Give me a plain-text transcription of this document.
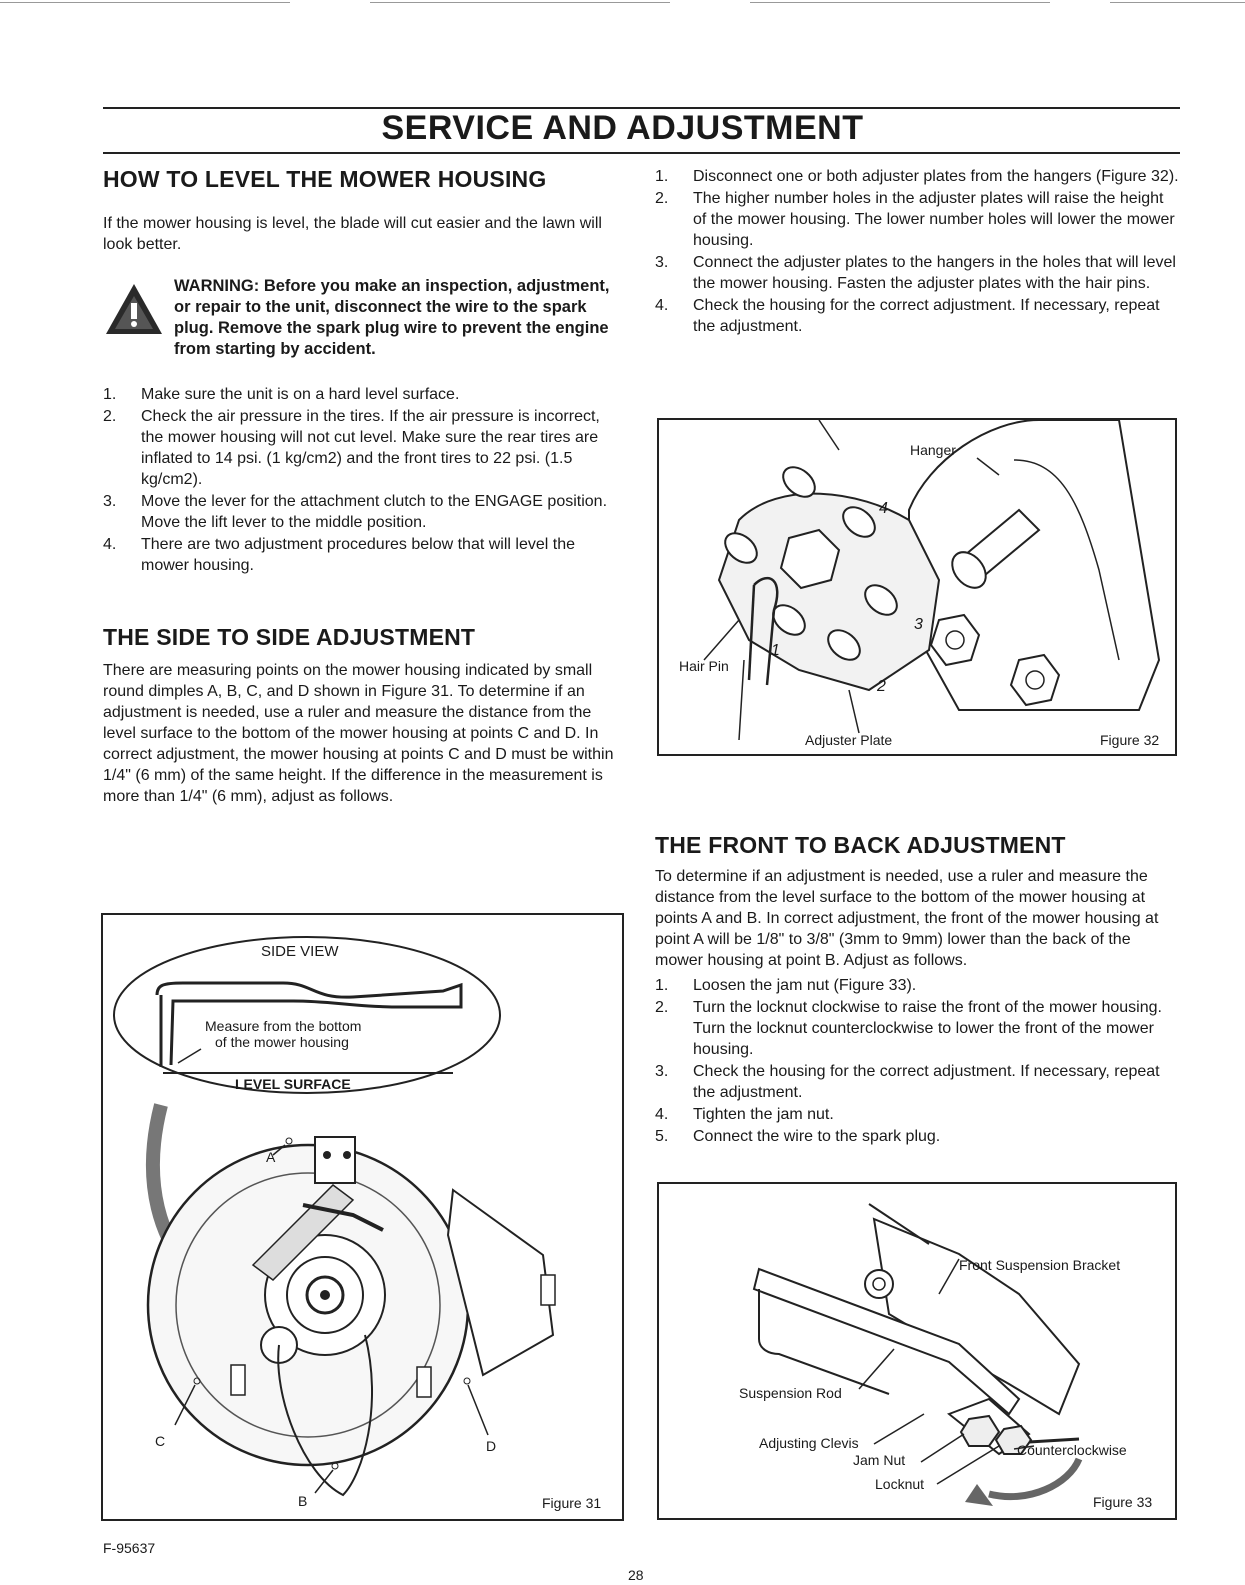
SERVICE AND ADJUSTMENT
HOW TO LEVEL THE MOWER HOUSING

If the mower housing is level, the blade will cut easier and the lawn will look better.

WARNING: Before you make an inspection, adjustment, or repair to the unit, disconnect the wire to the spark plug. Remove the spark plug wire to prevent the engine from starting by accident.

1. Make sure the unit is on a hard level surface.
2. Check the air pressure in the tires. If the air pressure is incorrect, the mower housing will not cut level. Make sure the rear tires are inflated to 14 psi. (1 kg/cm2) and the front tires to 22 psi. (1.5 kg/cm2).
3. Move the lever for the attachment clutch to the ENGAGE position. Move the lift lever to the middle position.
4. There are two adjustment procedures below that will level the mower housing.
THE SIDE TO SIDE ADJUSTMENT

There are measuring points on the mower housing indicated by small round dimples A, B, C, and D shown in Figure 31. To determine if an adjustment is needed, use a ruler and measure the distance from the level surface to the bottom of the mower housing at points C and D. In correct adjustment, the mower housing at points C and D must be within 1/4" (6 mm) of the same height. If the difference in the measurement is more than 1/4" (6 mm), adjust as follows.

SIDE VIEW
Measure from the bottom
of the mower housing
LEVEL SURFACE
A
C	D
B	Figure 31
1. Disconnect one or both adjuster plates from the hangers (Figure 32).
2. The higher number holes in the adjuster plates will raise the height of the mower housing. The lower number holes will lower the mower housing.
3. Connect the adjuster plates to the hangers in the holes that will level the mower housing. Fasten the adjuster plates with the hair pins.
4. Check the housing for the correct adjustment. If necessary, repeat the adjustment.
Hanger
Hair Pin
Adjuster Plate
1
2
3
4
Figure 32
THE FRONT TO BACK ADJUSTMENT

To determine if an adjustment is needed, use a ruler and measure the distance from the level surface to the bottom of the mower housing at points A and B. In correct adjustment, the front of the mower housing at point A will be 1/8" to 3/8" (3mm to 9mm) lower than the back of the mower housing at point B. Adjust as follows.

1. Loosen the jam nut (Figure 33).
2. Turn the locknut clockwise to raise the front of the mower housing. Turn the locknut counterclockwise to lower the front of the mower housing.
3. Check the housing for the correct adjustment. If necessary, repeat the adjustment.
4. Tighten the jam nut.
5. Connect the wire to the spark plug.
Front Suspension Bracket
Suspension Rod
Adjusting Clevis
Jam Nut
Locknut
Counterclockwise
Figure 33
F-95637
28
